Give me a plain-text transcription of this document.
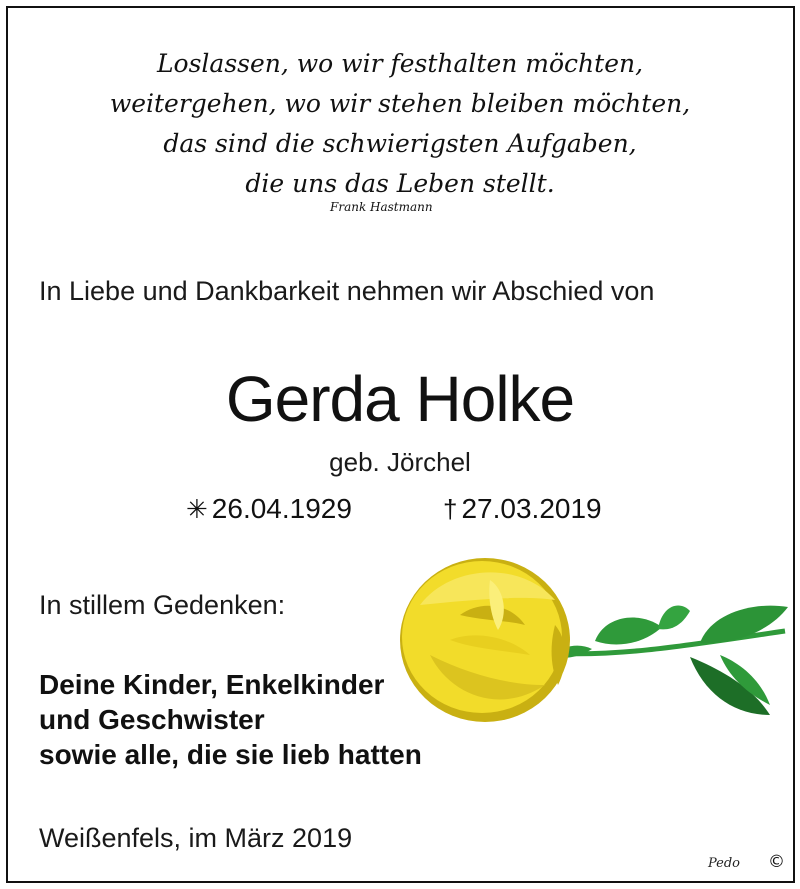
Loslassen, wo wir festhalten möchten,
weitergehen, wo wir stehen bleiben möchten,
das sind die schwierigsten Aufgaben,
die uns das Leben stellt.
Frank Hastmann
In Liebe und Dankbarkeit nehmen wir Abschied von
Gerda Holke
geb. Jörchel
✳ 26.04.1929	† 27.03.2019
In stillem Gedenken:
Deine Kinder, Enkelkinder
und Geschwister
sowie alle, die sie lieb hatten
Weißenfels, im März 2019
Pedo ©
